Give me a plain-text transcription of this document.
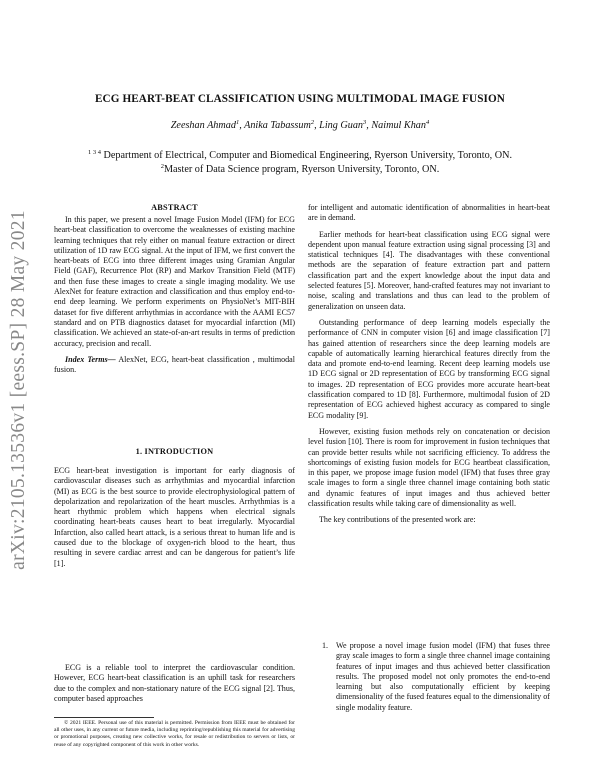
arXiv:2105.13536v1 [eess.SP] 28 May 2021
ECG HEART-BEAT CLASSIFICATION USING MULTIMODAL IMAGE FUSION
Zeeshan Ahmad$^1$, Anika Tabassum$^2$, Ling Guan$^3$, Naimul Khan$^4$
$^{1 3 4}$ Department of Electrical, Computer and Biomedical Engineering, Ryerson University, Toronto, ON.
$^2$Master of Data Science program, Ryerson University, Toronto, ON.
ABSTRACT

In this paper, we present a novel Image Fusion Model (IFM) for ECG heart-beat classification to overcome the weaknesses of existing machine learning techniques that rely either on manual feature extraction or direct utilization of 1D raw ECG signal. At the input of IFM, we first convert the heart-beats of ECG into three different images using Gramian Angular Field (GAF), Recurrence Plot (RP) and Markov Transition Field (MTF) and then fuse these images to create a single imaging modality. We use AlexNet for feature extraction and classification and thus employ end-to-end deep learning. We perform experiments on PhysioNet’s MIT-BIH dataset for five different arrhythmias in accordance with the AAMI EC57 standard and on PTB diagnostics dataset for myocardial infarction (MI) classification. We achieved an state-of-an-art results in terms of prediction accuracy, precision and recall.

Index Terms— AlexNet, ECG, heart-beat classification , multimodal fusion.

1. INTRODUCTION

ECG heart-beat investigation is important for early diagnosis of cardiovascular diseases such as arrhythmias and myocardial infarction (MI) as ECG is the best source to provide electrophysiological pattern of depolarization and repolarization of the heart muscles. Arrhythmias is a heart rhythmic problem which happens when electrical signals coordinating heart-beats causes heart to beat irregularly. Myocardial Infarction, also called heart attack, is a serious threat to human life and is caused due to the blockage of oxygen-rich blood to the heart, thus resulting in severe cardiac arrest and can be dangerous for patient’s life [1].

ECG is a reliable tool to interpret the cardiovascular condition. However, ECG heart-beat classification is an uphill task for researchers due to the complex and non-stationary nature of the ECG signal [2]. Thus, computer based approaches

© 2021 IEEE. Personal use of this material is permitted. Permission from IEEE must be obtained for all other uses, in any current or future media, including reprinting/republishing this material for advertising or promotional purposes, creating new collective works, for resale or redistribution to servers or lists, or reuse of any copyrighted component of this work in other works.

for intelligent and automatic identification of abnormalities in heart-beat are in demand.

Earlier methods for heart-beat classification using ECG signal were dependent upon manual feature extraction using signal processing [3] and statistical techniques [4]. The disadvantages with these conventional methods are the separation of feature extraction part and pattern classification part and the expert knowledge about the input data and selected features [5]. Moreover, hand-crafted features may not invariant to noise, scaling and translations and thus can lead to the problem of generalization on unseen data.

Outstanding performance of deep learning models especially the performance of CNN in computer vision [6] and image classification [7] has gained attention of researchers since the deep learning models are capable of automatically learning hierarchical features directly from the data and promote end-to-end learning. Recent deep learning models use 1D ECG signal or 2D representation of ECG by transforming ECG signal to images. 2D representation of ECG provides more accurate heart-beat classification compared to 1D [8]. Furthermore, multimodal fusion of 2D representation of ECG achieved highest accuracy as compared to single ECG modality [9].

However, existing fusion methods rely on concatenation or decision level fusion [10]. There is room for improvement in fusion techniques that can provide better results while not sacrificing efficiency. To address the shortcomings of existing fusion models for ECG heartbeat classification, in this paper, we propose image fusion model (IFM) that fuses three gray scale images to form a single three channel image containing both static and dynamic features of input images and thus achieved better classification results while taking care of dimensionality as well.

The key contributions of the presented work are:

1. We propose a novel image fusion model (IFM) that fuses three gray scale images to form a single three channel image containing features of input images and thus achieved better classification results. The proposed model not only promotes the end-to-end learning but also computationally efficient by keeping dimensionality of the fused features equal to the dimensionality of single modality feature.
